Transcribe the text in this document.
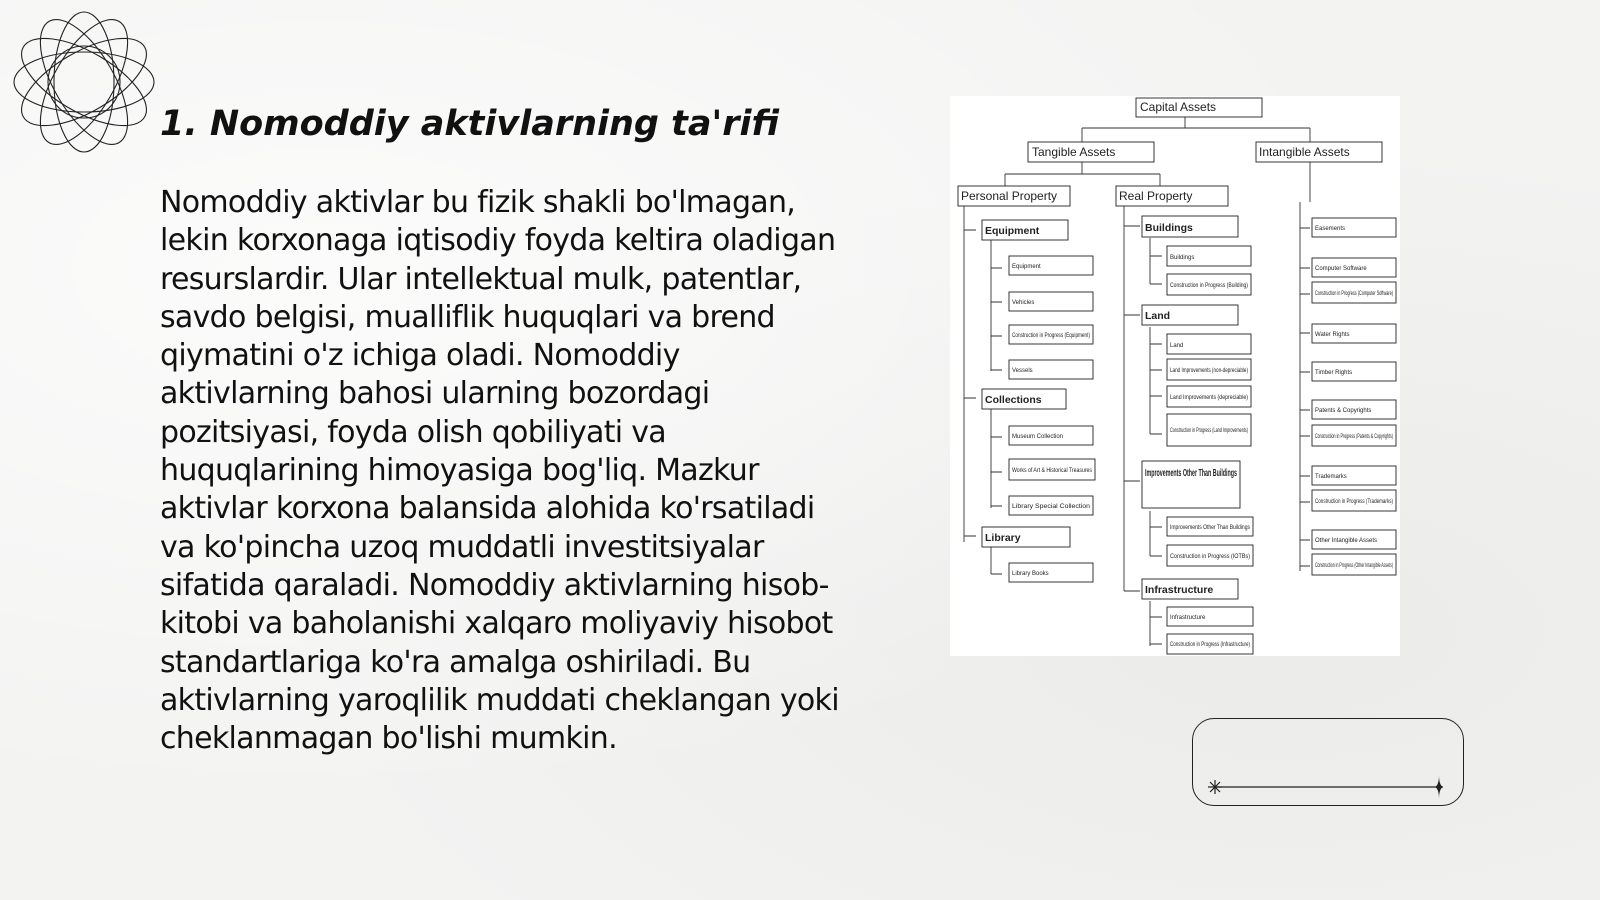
1. Nomoddiy aktivlarning ta'rifi

Nomoddiy aktivlar bu fizik shakli bo'lmagan, lekin korxonaga iqtisodiy foyda keltira oladigan resurslardir. Ular intellektual mulk, patentlar, savdo belgisi, mualliflik huquqlari va brend qiymatini o'z ichiga oladi. Nomoddiy aktivlarning bahosi ularning bozordagi pozitsiyasi, foyda olish qobiliyati va huquqlarining himoyasiga bog'liq. Mazkur aktivlar korxona balansida alohida ko'rsatiladi va ko'pincha uzoq muddatli investitsiyalar sifatida qaraladi. Nomoddiy aktivlarning hisob-kitobi va baholanishi xalqaro moliyaviy hisobot standartlariga ko'ra amalga oshiriladi. Bu aktivlarning yaroqlilik muddati cheklangan yoki cheklanmagan bo'lishi mumkin.

Capital Assets
Tangible Assets	Intangible Assets
Personal Property	Real Property
Equipment
Equipment
Vehicles
Construction in Progress (Equipment)
Vessels
Collections
Museum Collection
Works of Art & Historical Treasures
Library Special Collection
Library
Library Books
Buildings
Buildings
Construction in Progress (Building)
Land
Land
Land Improvements (non-depreciable)
Land Improvements (depreciable)
Construction in Progress (Land Improvements)
Improvements Other Than Buildings
Improvements Other Than Buildings
Construction in Progress (IOTBs)
Infrastructure
Infrastructure
Construction in Progress (Infrastructure)
Easements
Computer Software
Construction in Progress (Computer Software)
Water Rights
Timber Rights
Patents & Copyrights
Construction in Progress (Patents & Copyrights)
Trademarks
Construction in Progress (Trademarks)
Other Intangible Assets
Construction in Progress (Other Intangible Assets)
